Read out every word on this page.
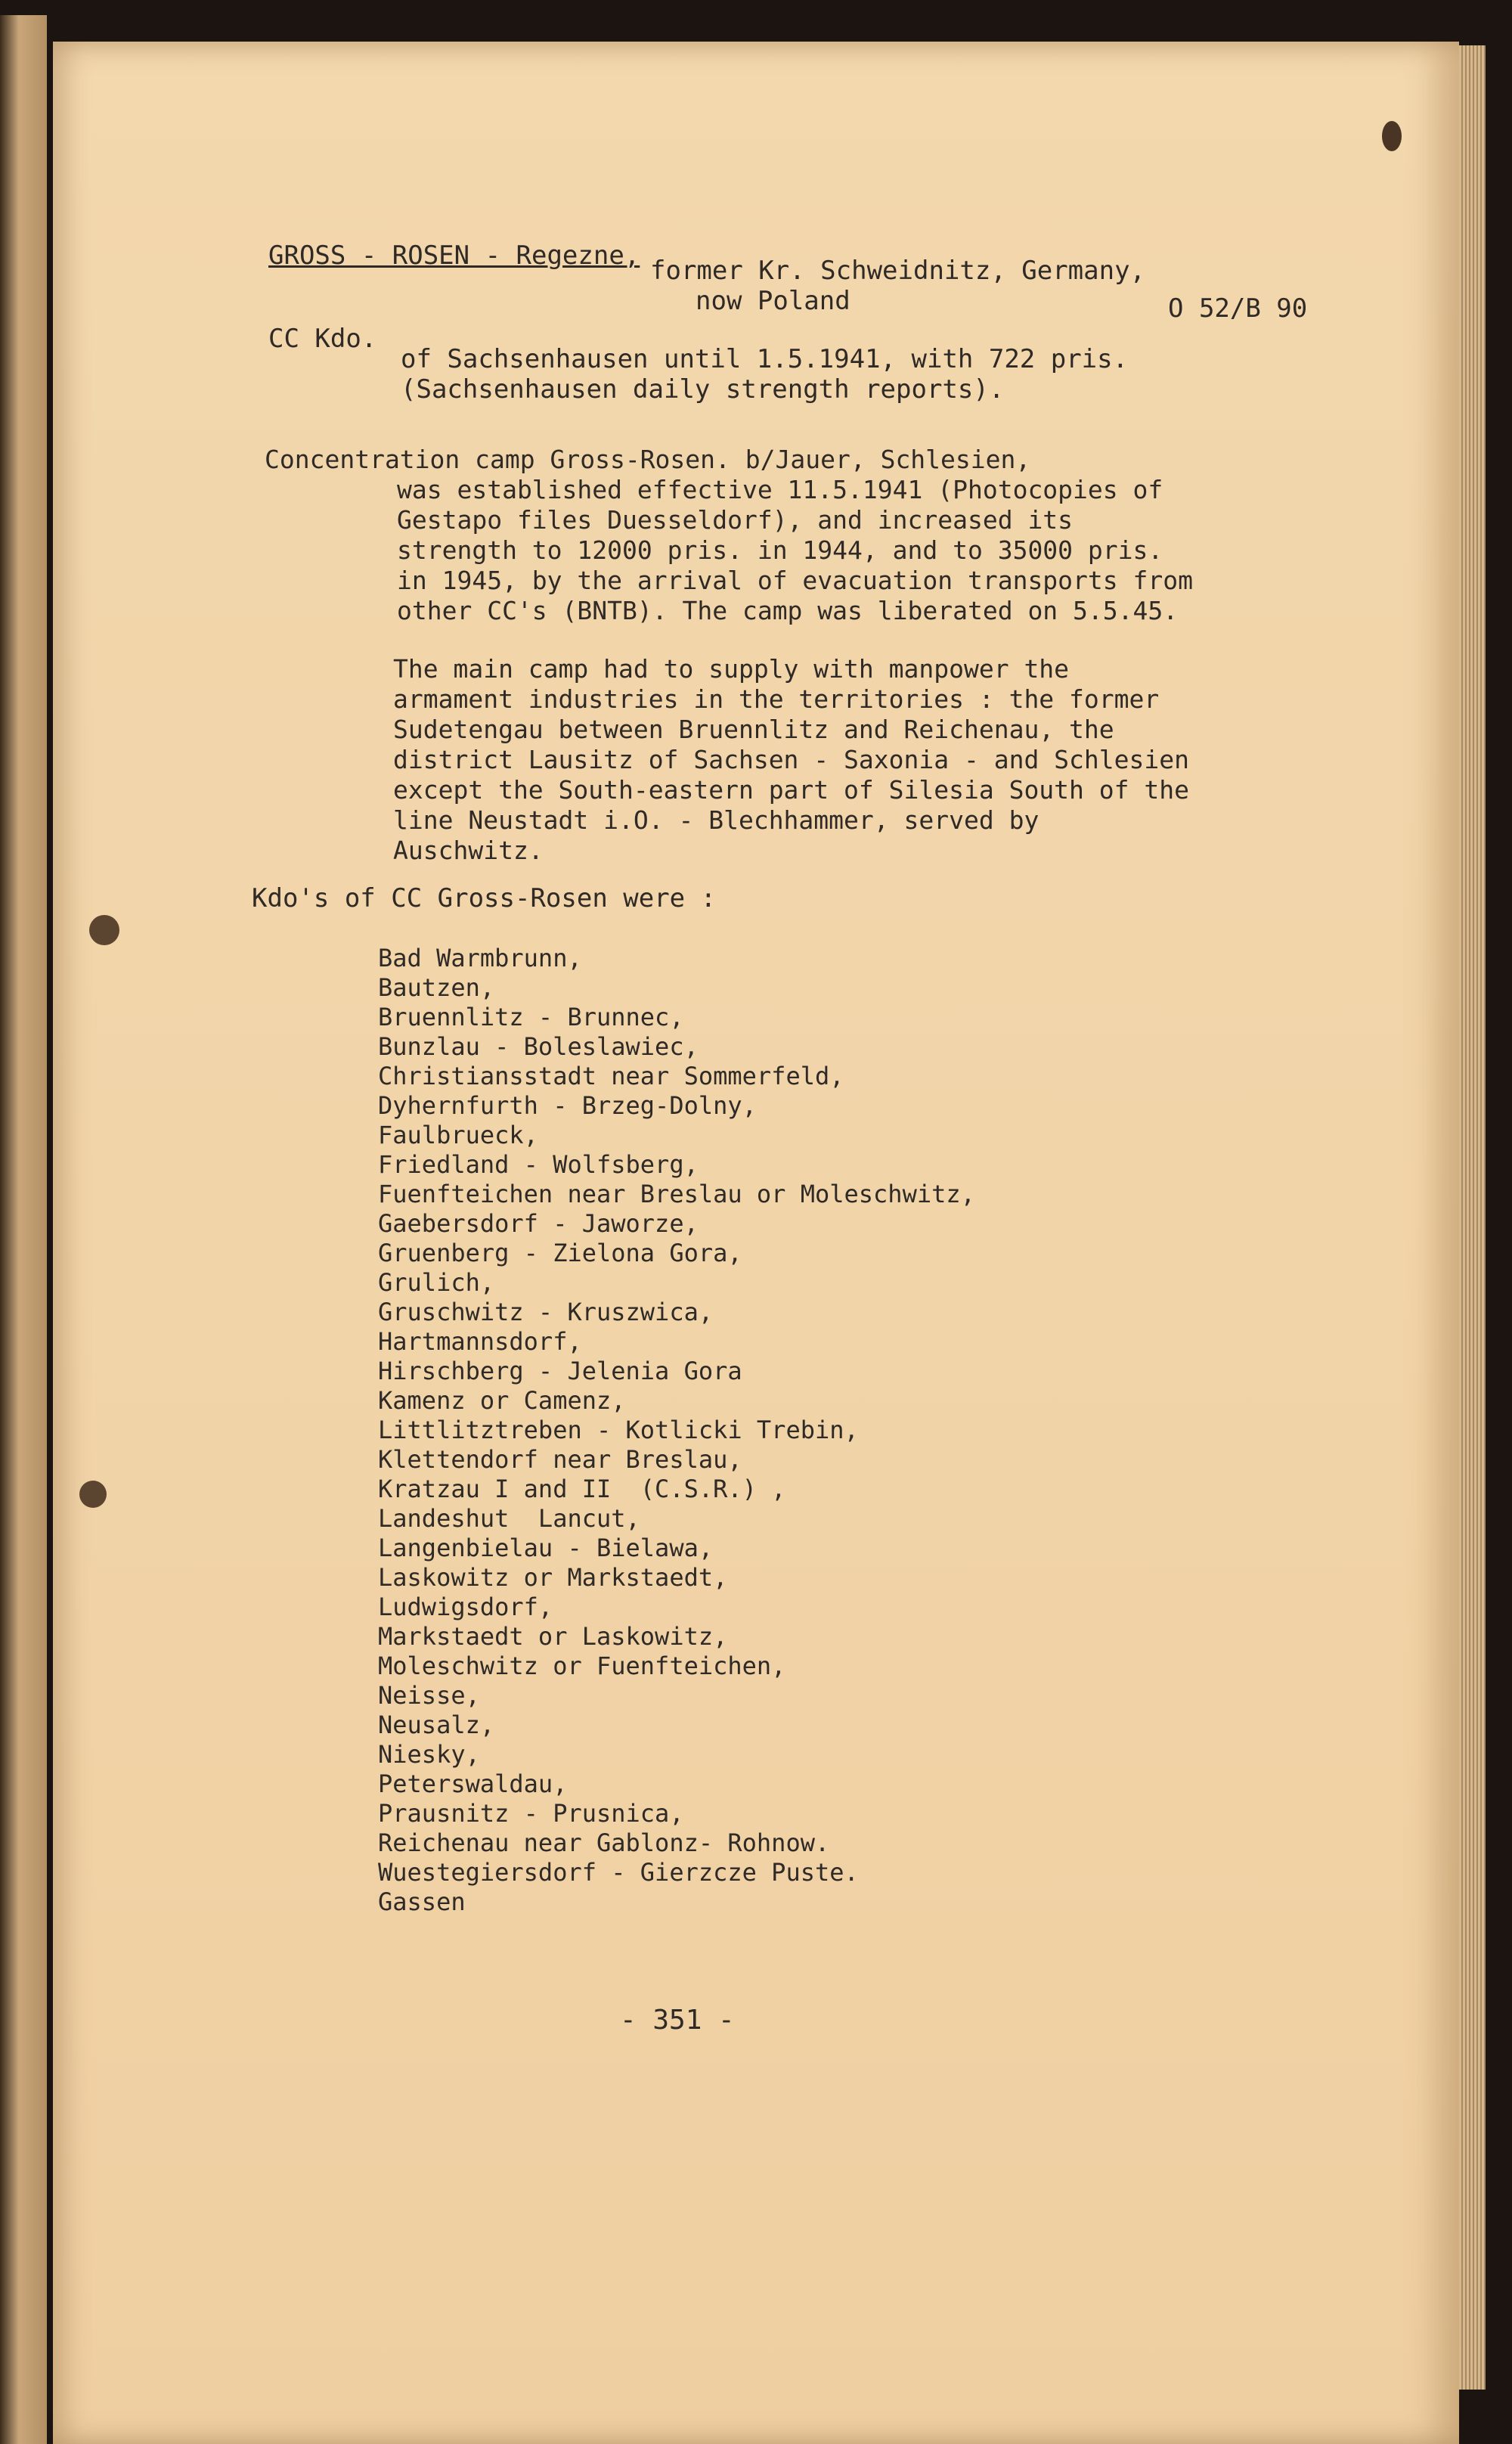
GROSS - ROSEN - Regezne, former Kr. Schweidnitz, Germany,
now Poland	O 52/B 90
CC Kdo.
of Sachsenhausen until 1.5.1941, with 722 pris.
(Sachsenhausen daily strength reports).
Concentration camp Gross-Rosen. b/Jauer, Schlesien,
was established effective 11.5.1941 (Photocopies of Gestapo files Duesseldorf), and increased its strength to 12000 pris. in 1944, and to 35000 pris. in 1945, by the arrival of evacuation transports from other CC's (BNTB). The camp was liberated on 5.5.45.
The main camp had to supply with manpower the armament industries in the territories : the former Sudetengau between Bruennlitz and Reichenau, the district Lausitz of Sachsen - Saxonia - and Schlesien except the South-eastern part of Silesia South of the line Neustadt i.O. - Blechhammer, served by Auschwitz.
Kdo's of CC Gross-Rosen were :
Bad Warmbrunn,
Bautzen,
Bruennlitz - Brunnec,
Bunzlau - Boleslawiec,
Christiansstadt near Sommerfeld,
Dyhernfurth - Brzeg-Dolny,
Faulbrueck,
Friedland - Wolfsberg,
Fuenfteichen near Breslau or Moleschwitz,
Gaebersdorf - Jaworze,
Gruenberg - Zielona Gora,
Grulich,
Gruschwitz - Kruszwica,
Hartmannsdorf,
Hirschberg - Jelenia Gora
Kamenz or Camenz,
Littlitztreben - Kotlicki Trebin,
Klettendorf near Breslau,
Kratzau I and II  (C.S.R.) ,
Landeshut  Lancut,
Langenbielau - Bielawa,
Laskowitz or Markstaedt,
Ludwigsdorf,
Markstaedt or Laskowitz,
Moleschwitz or Fuenfteichen,
Neisse,
Neusalz,
Niesky,
Peterswaldau,
Prausnitz - Prusnica,
Reichenau near Gablonz- Rohnow.
Wuestegiersdorf - Gierzcze Puste.
Gassen
- 351 -
